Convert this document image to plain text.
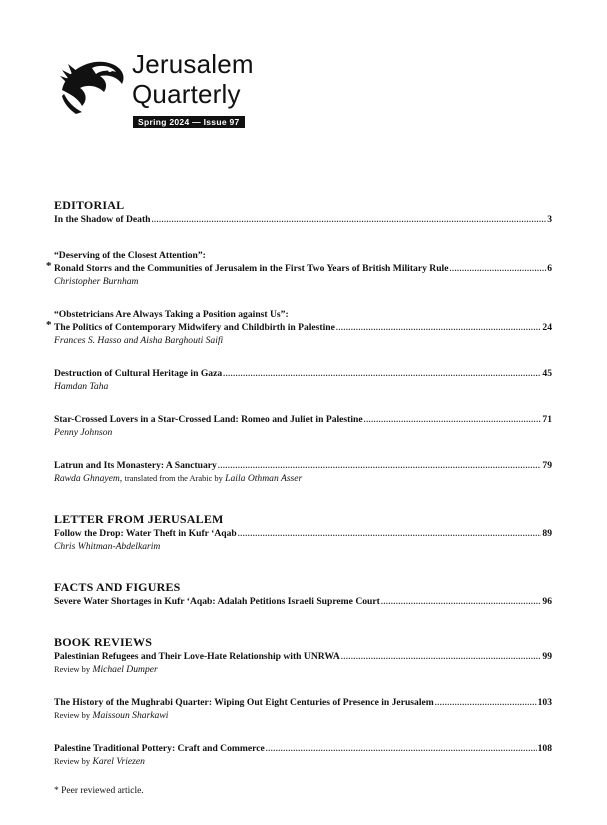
Jerusalem
Quarterly
Spring 2024 — Issue 97
EDITORIAL
In the Shadow of Death .....	3
*
“Deserving of the Closest Attention”:
Ronald Storrs and the Communities of Jerusalem in the First Two Years of British Military Rule .....	6
Christopher Burnham
*
“Obstetricians Are Always Taking a Position against Us”:
The Politics of Contemporary Midwifery and Childbirth in Palestine .....	24
Frances S. Hasso and Aisha Barghouti Saifi
Destruction of Cultural Heritage in Gaza .....	45
Hamdan Taha
Star-Crossed Lovers in a Star-Crossed Land: Romeo and Juliet in Palestine .....	71
Penny Johnson
Latrun and Its Monastery: A Sanctuary .....	79
Rawda Ghnayem, translated from the Arabic by Laila Othman Asser
LETTER FROM JERUSALEM
Follow the Drop: Water Theft in Kufr ‘Aqab .....	89
Chris Whitman-Abdelkarim
FACTS AND FIGURES
Severe Water Shortages in Kufr ‘Aqab: Adalah Petitions Israeli Supreme Court .....	96
BOOK REVIEWS
Palestinian Refugees and Their Love-Hate Relationship with UNRWA .....	99
Review by Michael Dumper
The History of the Mughrabi Quarter: Wiping Out Eight Centuries of Presence in Jerusalem .....	103
Review by Maissoun Sharkawi
Palestine Traditional Pottery: Craft and Commerce .....	108
Review by Karel Vriezen
* Peer reviewed article.
